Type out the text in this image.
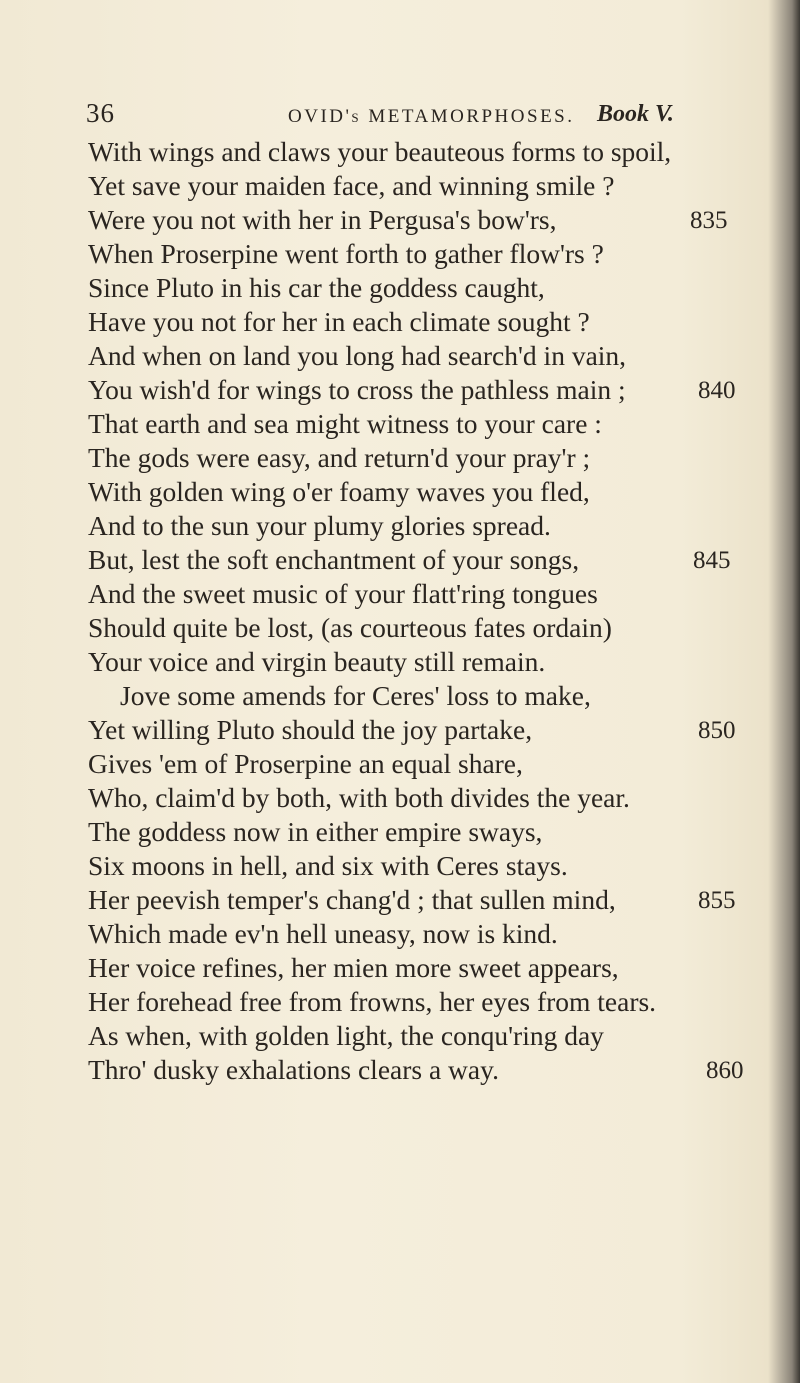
36	OVID's METAMORPHOSES. Book V.
With wings and claws your beauteous forms to spoil,
Yet save your maiden face, and winning smile ?
Were you not with her in Pergusa's bow'rs,	835
When Proserpine went forth to gather flow'rs ?
Since Pluto in his car the goddess caught,
Have you not for her in each climate sought ?
And when on land you long had search'd in vain,
You wish'd for wings to cross the pathless main ;	840
That earth and sea might witness to your care :
The gods were easy, and return'd your pray'r ;
With golden wing o'er foamy waves you fled,
And to the sun your plumy glories spread.
But, lest the soft enchantment of your songs,	845
And the sweet music of your flatt'ring tongues
Should quite be lost, (as courteous fates ordain)
Your voice and virgin beauty still remain.
Jove some amends for Ceres' loss to make,
Yet willing Pluto should the joy partake,	850
Gives 'em of Proserpine an equal share,
Who, claim'd by both, with both divides the year.
The goddess now in either empire sways,
Six moons in hell, and six with Ceres stays.
Her peevish temper's chang'd ; that sullen mind,	855
Which made ev'n hell uneasy, now is kind.
Her voice refines, her mien more sweet appears,
Her forehead free from frowns, her eyes from tears.
As when, with golden light, the conqu'ring day
Thro' dusky exhalations clears a way.	860
